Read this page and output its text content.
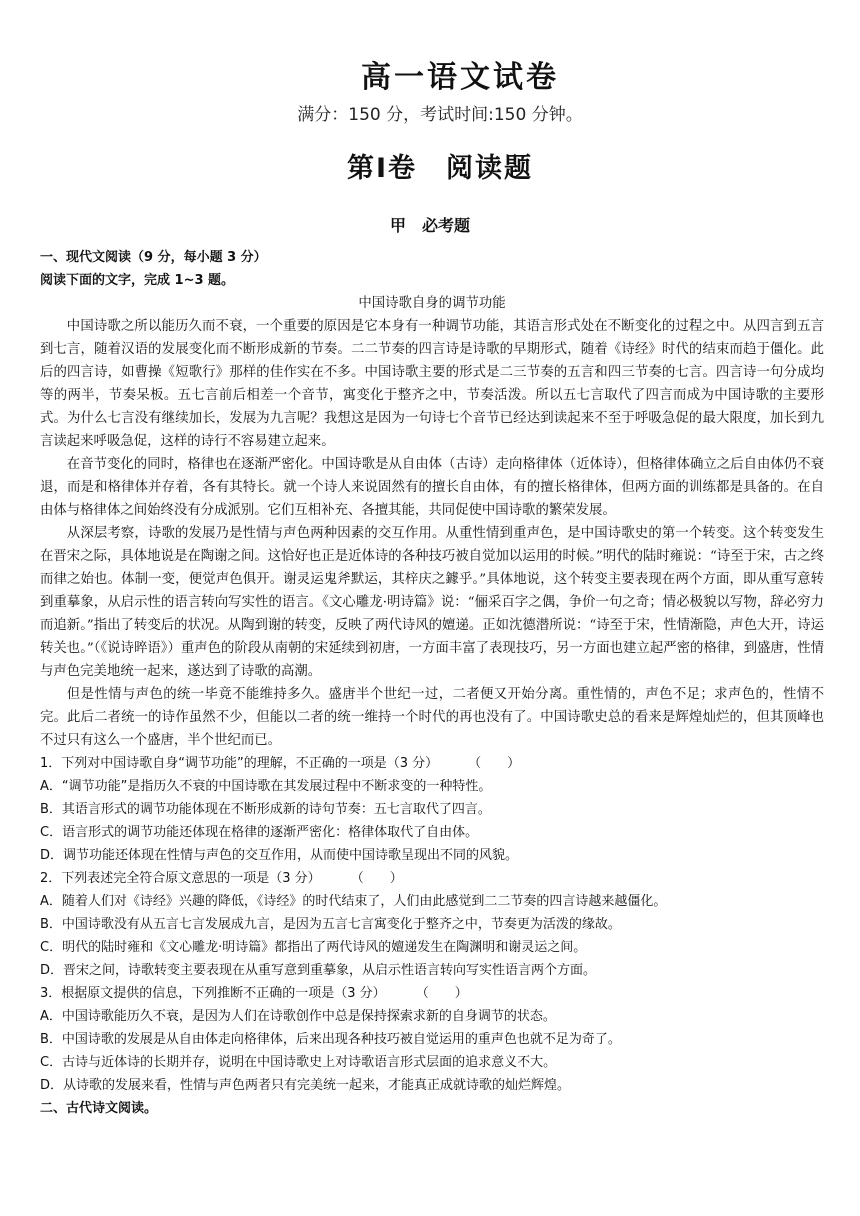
高一语文试卷
满分：150 分，考试时间:150 分钟。
第Ⅰ卷　阅读题
甲　必考题

一、现代文阅读（9 分，每小题 3 分）

阅读下面的文字，完成 1~3 题。

中国诗歌自身的调节功能

中国诗歌之所以能历久而不衰，一个重要的原因是它本身有一种调节功能，其语言形式处在不断变化的过程之中。从四言到五言到七言，随着汉语的发展变化而不断形成新的节奏。二二节奏的四言诗是诗歌的早期形式，随着《诗经》时代的结束而趋于僵化。此后的四言诗，如曹操《短歌行》那样的佳作实在不多。中国诗歌主要的形式是二三节奏的五言和四三节奏的七言。四言诗一句分成均等的两半，节奏呆板。五七言前后相差一个音节，寓变化于整齐之中，节奏活泼。所以五七言取代了四言而成为中国诗歌的主要形式。为什么七言没有继续加长，发展为九言呢？我想这是因为一句诗七个音节已经达到读起来不至于呼吸急促的最大限度，加长到九言读起来呼吸急促，这样的诗行不容易建立起来。

在音节变化的同时，格律也在逐渐严密化。中国诗歌是从自由体（古诗）走向格律体（近体诗），但格律体确立之后自由体仍不衰退，而是和格律体并存着，各有其特长。就一个诗人来说固然有的擅长自由体，有的擅长格律体，但两方面的训练都是具备的。在自由体与格律体之间始终没有分成派别。它们互相补充、各擅其能，共同促使中国诗歌的繁荣发展。

从深层考察，诗歌的发展乃是性情与声色两种因素的交互作用。从重性情到重声色，是中国诗歌史的第一个转变。这个转变发生在晋宋之际，具体地说是在陶谢之间。这恰好也正是近体诗的各种技巧被自觉加以运用的时候。”明代的陆时雍说：“诗至于宋，古之终而律之始也。体制一变，便觉声色俱开。谢灵运鬼斧默运，其梓庆之鐻乎。”具体地说，这个转变主要表现在两个方面，即从重写意转到重摹象，从启示性的语言转向写实性的语言。《文心雕龙·明诗篇》说：“俪采百字之偶，争价一句之奇；情必极貌以写物，辞必穷力而追新。”指出了转变后的状况。从陶到谢的转变，反映了两代诗风的嬗递。正如沈德潜所说：“诗至于宋，性情渐隐，声色大开，诗运转关也。”（《说诗晬语》）重声色的阶段从南朝的宋延续到初唐，一方面丰富了表现技巧，另一方面也建立起严密的格律，到盛唐，性情与声色完美地统一起来，遂达到了诗歌的高潮。

但是性情与声色的统一毕竟不能维持多久。盛唐半个世纪一过，二者便又开始分离。重性情的，声色不足；求声色的，性情不完。此后二者统一的诗作虽然不少，但能以二者的统一维持一个时代的再也没有了。中国诗歌史总的看来是辉煌灿烂的，但其顶峰也不过只有这么一个盛唐，半个世纪而已。

1．下列对中国诗歌自身“调节功能”的理解，不正确的一项是（3 分） （　　）

A．“调节功能”是指历久不衰的中国诗歌在其发展过程中不断求变的一种特性。

B．其语言形式的调节功能体现在不断形成新的诗句节奏：五七言取代了四言。

C．语言形式的调节功能还体现在格律的逐渐严密化：格律体取代了自由体。

D．调节功能还体现在性情与声色的交互作用，从而使中国诗歌呈现出不同的风貌。

2．下列表述完全符合原文意思的一项是（3 分） （　　）

A．随着人们对《诗经》兴趣的降低，《诗经》的时代结束了，人们由此感觉到二二节奏的四言诗越来越僵化。

B．中国诗歌没有从五言七言发展成九言，是因为五言七言寓变化于整齐之中，节奏更为活泼的缘故。

C．明代的陆时雍和《文心雕龙·明诗篇》都指出了两代诗风的嬗递发生在陶渊明和谢灵运之间。

D．晋宋之间，诗歌转变主要表现在从重写意到重摹象，从启示性语言转向写实性语言两个方面。

3．根据原文提供的信息，下列推断不正确的一项是（3 分） （　　）

A．中国诗歌能历久不衰，是因为人们在诗歌创作中总是保持探索求新的自身调节的状态。

B．中国诗歌的发展是从自由体走向格律体，后来出现各种技巧被自觉运用的重声色也就不足为奇了。

C．古诗与近体诗的长期并存，说明在中国诗歌史上对诗歌语言形式层面的追求意义不大。

D．从诗歌的发展来看，性情与声色两者只有完美统一起来，才能真正成就诗歌的灿烂辉煌。

二、古代诗文阅读。
